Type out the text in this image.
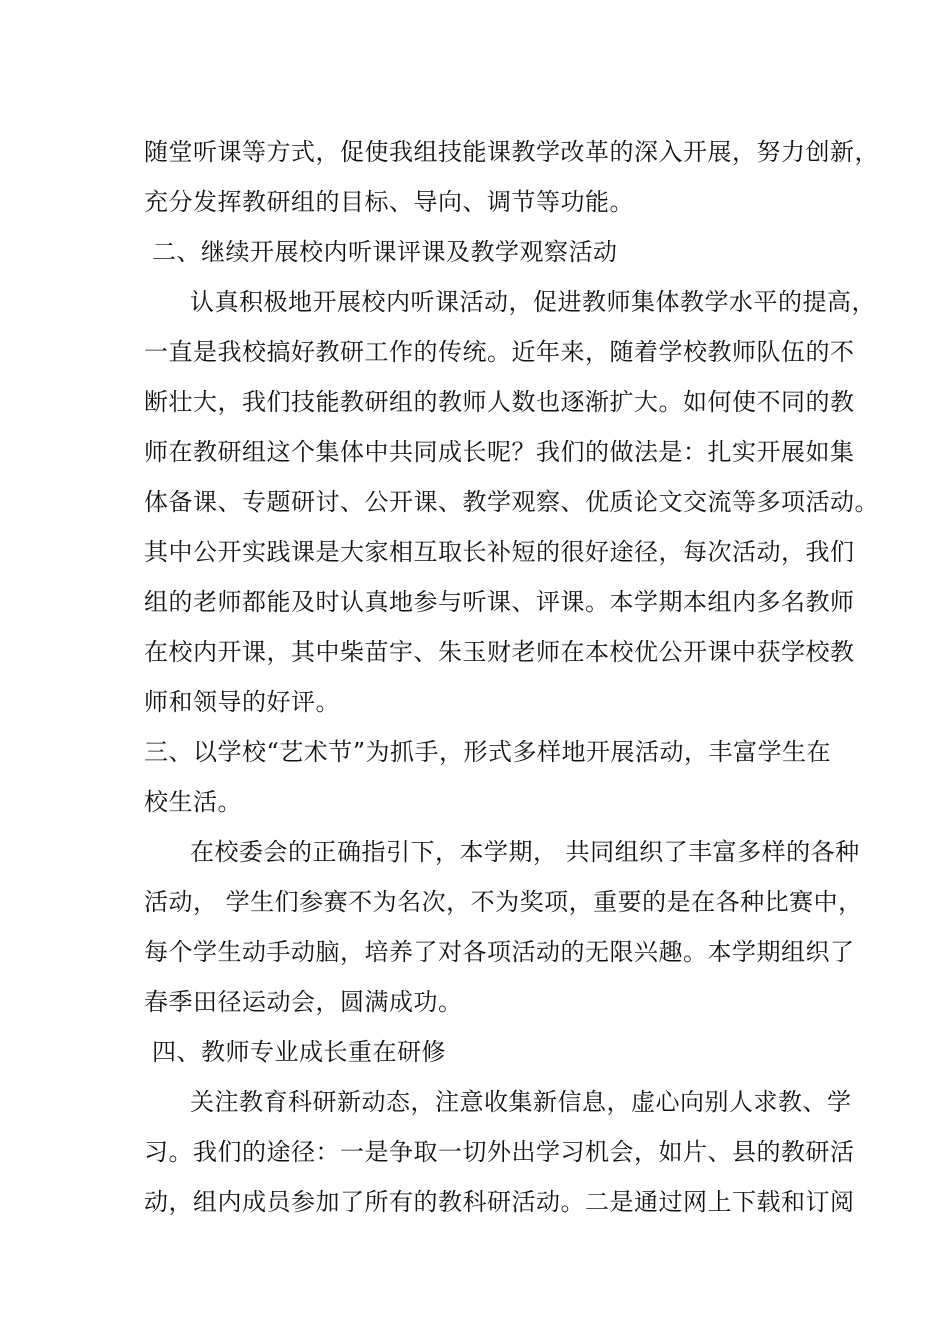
随堂听课等方式，促使我组技能课教学改革的深入开展，努力创新，
充分发挥教研组的目标、导向、调节等功能。
二、继续开展校内听课评课及教学观察活动
认真积极地开展校内听课活动，促进教师集体教学水平的提高，
一直是我校搞好教研工作的传统。近年来，随着学校教师队伍的不
断壮大，我们技能教研组的教师人数也逐渐扩大。如何使不同的教
师在教研组这个集体中共同成长呢？我们的做法是：扎实开展如集
体备课、专题研讨、公开课、教学观察、优质论文交流等多项活动。
其中公开实践课是大家相互取长补短的很好途径，每次活动，我们
组的老师都能及时认真地参与听课、评课。本学期本组内多名教师
在校内开课，其中柴苗宇、朱玉财老师在本校优公开课中获学校教
师和领导的好评。
三、以学校“艺术节”为抓手，形式多样地开展活动，丰富学生在
校生活。
在校委会的正确指引下，本学期， 共同组织了丰富多样的各种
活动， 学生们参赛不为名次，不为奖项，重要的是在各种比赛中，
每个学生动手动脑，培养了对各项活动的无限兴趣。本学期组织了
春季田径运动会，圆满成功。
四、教师专业成长重在研修
关注教育科研新动态，注意收集新信息，虚心向别人求教、学
习。我们的途径：一是争取一切外出学习机会，如片、县的教研活
动，组内成员参加了所有的教科研活动。二是通过网上下载和订阅
